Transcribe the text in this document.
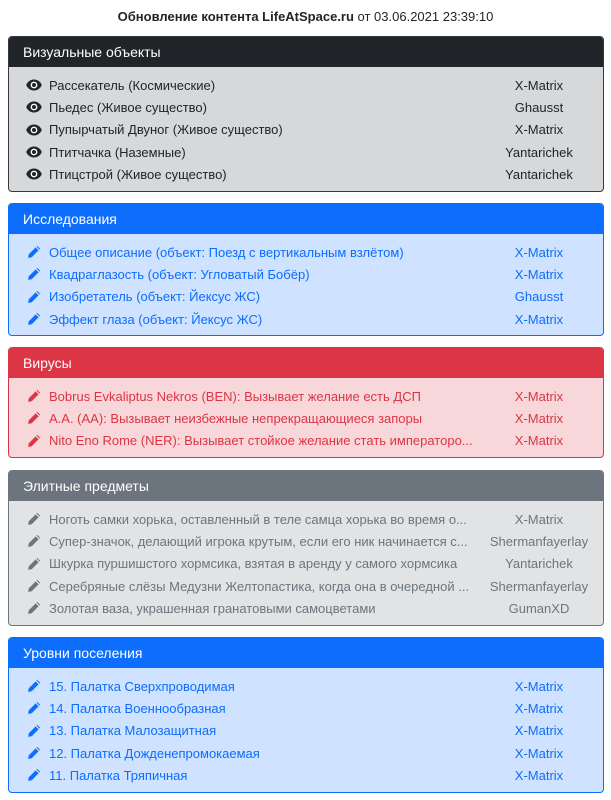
Обновление контента LifeAtSpace.ru от 03.06.2021 23:39:10
Визуальные объекты
Рассекатель (Космические)	X-Matrix
Пьедес (Живое существо)	Ghausst
Пупырчатый Двуног (Живое существо)	X-Matrix
Птитчачка (Наземные)	Yantarichek
Птицстрой (Живое существо)	Yantarichek
Исследования
Общее описание (объект: Поезд с вертикальным взлётом)	X-Matrix
Квадраглазость (объект: Угловатый Бобёр)	X-Matrix
Изобретатель (объект: Йексус ЖС)	Ghausst
Эффект глаза (объект: Йексус ЖС)	X-Matrix
Вирусы
Bobrus Evkaliptus Nekros (BEN): Вызывает желание есть ДСП	X-Matrix
A.A. (AA): Вызывает неизбежные непрекращающиеся запоры	X-Matrix
Nito Eno Rome (NER): Вызывает стойкое желание стать императоро...	X-Matrix
Элитные предметы
Ноготь самки хорька, оставленный в теле самца хорька во время о...	X-Matrix
Супер-значок, делающий игрока крутым, если его ник начинается с...	Shermanfayerlay
Шкурка пуршишстого хормсика, взятая в аренду у самого хормсика	Yantarichek
Серебряные слёзы Медузни Желтопастика, когда она в очередной ...	Shermanfayerlay
Золотая ваза, украшенная гранатовыми самоцветами	GumanXD
Уровни поселения
15. Палатка Сверхпроводимая	X-Matrix
14. Палатка Военнообразная	X-Matrix
13. Палатка Малозащитная	X-Matrix
12. Палатка Дожденепромокаемая	X-Matrix
11. Палатка Тряпичная	X-Matrix
